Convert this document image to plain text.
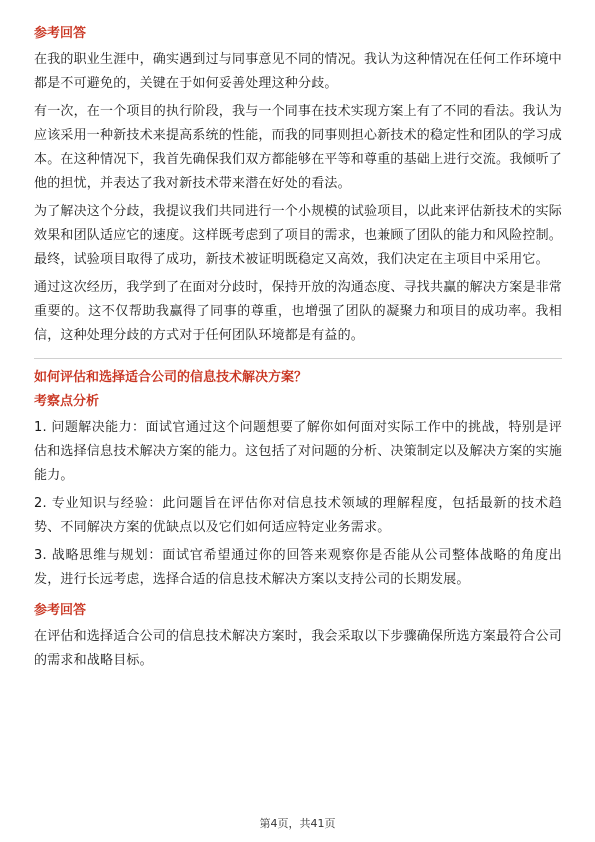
参考回答

在我的职业生涯中，确实遇到过与同事意见不同的情况。我认为这种情况在任何工作环境中都是不可避免的，关键在于如何妥善处理这种分歧。

有一次，在一个项目的执行阶段，我与一个同事在技术实现方案上有了不同的看法。我认为应该采用一种新技术来提高系统的性能，而我的同事则担心新技术的稳定性和团队的学习成本。在这种情况下，我首先确保我们双方都能够在平等和尊重的基础上进行交流。我倾听了他的担忧，并表达了我对新技术带来潜在好处的看法。

为了解决这个分歧，我提议我们共同进行一个小规模的试验项目，以此来评估新技术的实际效果和团队适应它的速度。这样既考虑到了项目的需求，也兼顾了团队的能力和风险控制。最终，试验项目取得了成功，新技术被证明既稳定又高效，我们决定在主项目中采用它。

通过这次经历，我学到了在面对分歧时，保持开放的沟通态度、寻找共赢的解决方案是非常重要的。这不仅帮助我赢得了同事的尊重，也增强了团队的凝聚力和项目的成功率。我相信，这种处理分歧的方式对于任何团队环境都是有益的。

如何评估和选择适合公司的信息技术解决方案？
考察点分析

1. 问题解决能力：面试官通过这个问题想要了解你如何面对实际工作中的挑战，特别是评估和选择信息技术解决方案的能力。这包括了对问题的分析、决策制定以及解决方案的实施能力。

2. 专业知识与经验：此问题旨在评估你对信息技术领域的理解程度，包括最新的技术趋势、不同解决方案的优缺点以及它们如何适应特定业务需求。

3. 战略思维与规划：面试官希望通过你的回答来观察你是否能从公司整体战略的角度出发，进行长远考虑，选择合适的信息技术解决方案以支持公司的长期发展。

参考回答

在评估和选择适合公司的信息技术解决方案时，我会采取以下步骤确保所选方案最符合公司的需求和战略目标。

第4页，共41页
